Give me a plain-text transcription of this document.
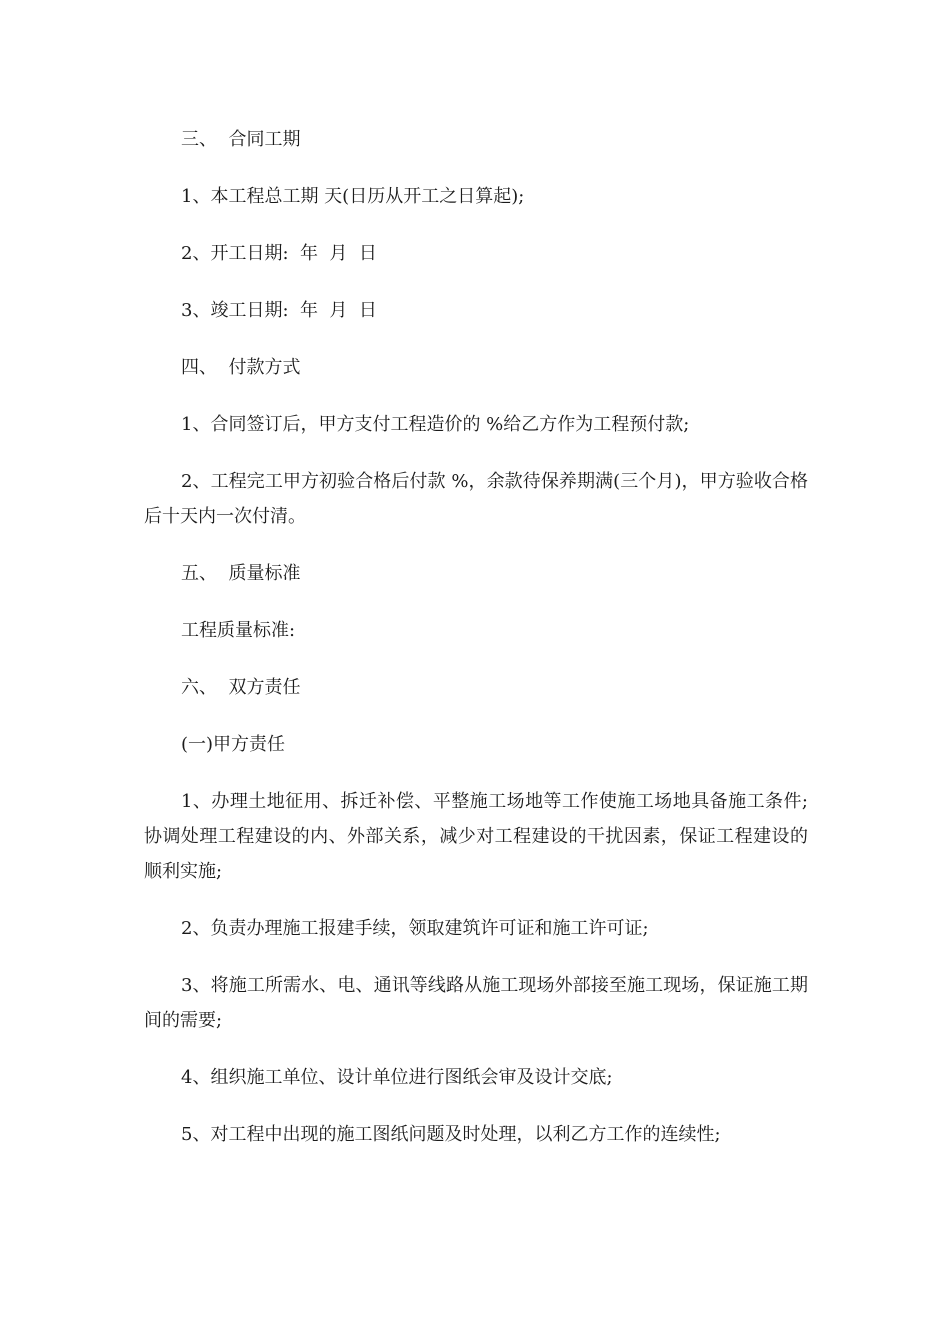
三、  合同工期

1、本工程总工期 天(日历从开工之日算起);

2、开工日期:  年  月  日

3、竣工日期:  年  月  日

四、  付款方式

1、合同签订后，甲方支付工程造价的 %给乙方作为工程预付款;

2、工程完工甲方初验合格后付款 %，余款待保养期满(三个月)，甲方验收合格后十天内一次付清。

五、  质量标准

工程质量标准:

六、  双方责任

(一)甲方责任

1、办理土地征用、拆迁补偿、平整施工场地等工作使施工场地具备施工条件;协调处理工程建设的内、外部关系，减少对工程建设的干扰因素，保证工程建设的顺利实施;

2、负责办理施工报建手续，领取建筑许可证和施工许可证;

3、将施工所需水、电、通讯等线路从施工现场外部接至施工现场，保证施工期间的需要;

4、组织施工单位、设计单位进行图纸会审及设计交底;

5、对工程中出现的施工图纸问题及时处理，以利乙方工作的连续性;
